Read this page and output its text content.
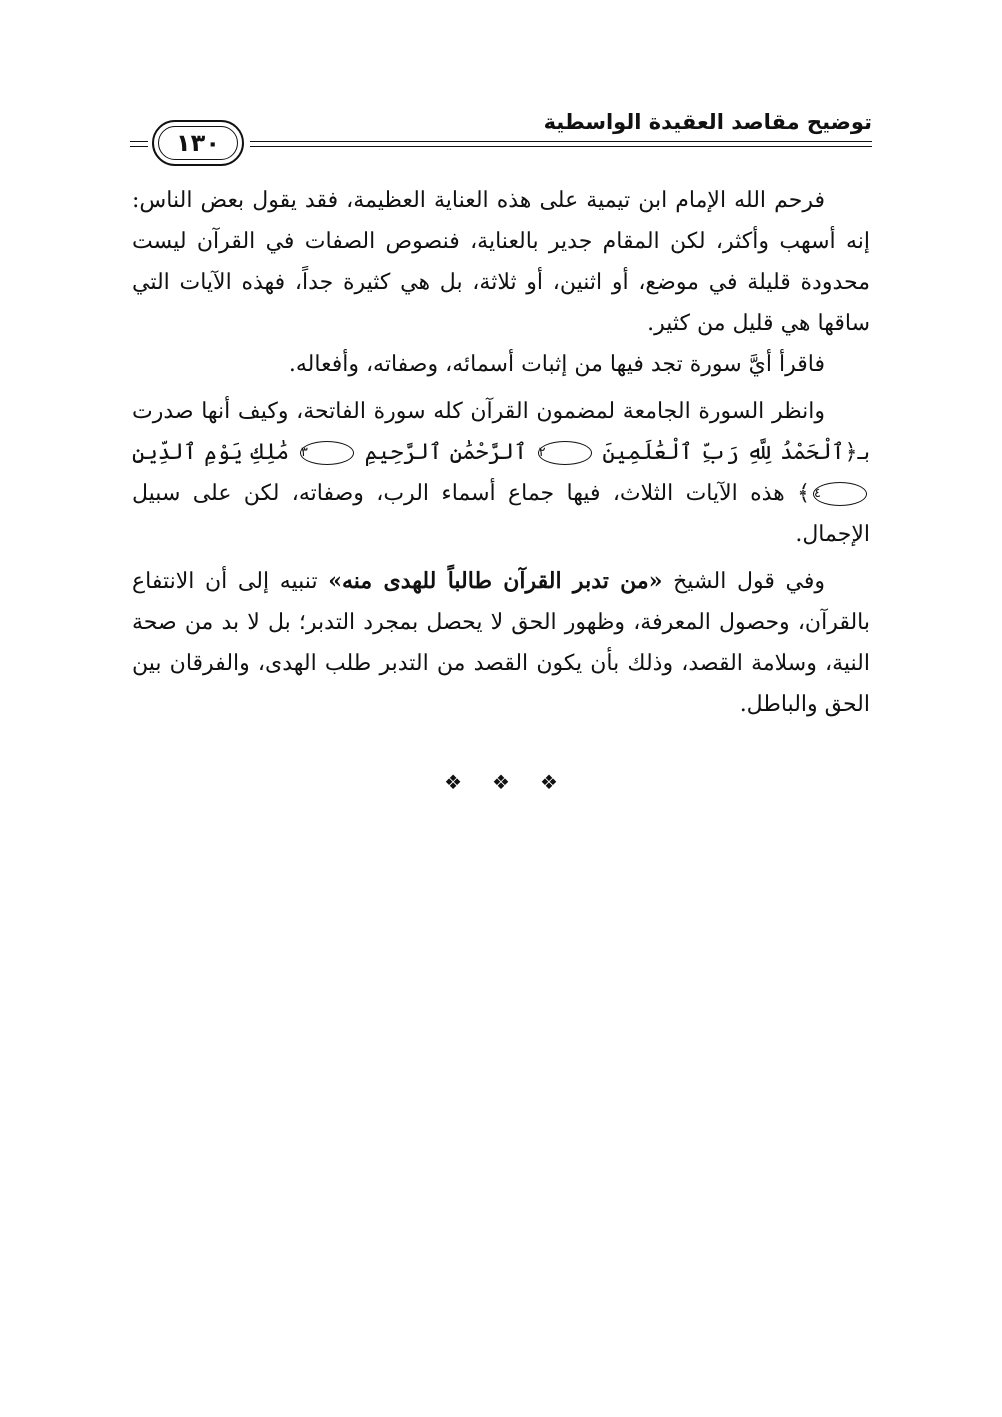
توضيح مقاصد العقيدة الواسطية
١٣٠

فرحم الله الإمام ابن تيمية على هذه العناية العظيمة، فقد يقول بعض الناس: إنه أسهب وأكثر، لكن المقام جدير بالعناية، فنصوص الصفات في القرآن ليست محدودة قليلة في موضع، أو اثنين، أو ثلاثة، بل هي كثيرة جداً، فهذه الآيات التي ساقها هي قليل من كثير.

فاقرأ أيَّ سورة تجد فيها من إثبات أسمائه، وصفاته، وأفعاله.

وانظر السورة الجامعة لمضمون القرآن كله سورة الفاتحة، وكيف أنها صدرت بـ﴿ٱلْحَمْدُ لِلَّهِ رَبِّ ٱلْعَٰلَمِينَ ٢ ٱلرَّحْمَٰنِ ٱلرَّحِيمِ ٣ مَٰلِكِ يَوْمِ ٱلدِّينِ ٤﴾ هذه الآيات الثلاث، فيها جماع أسماء الرب، وصفاته، لكن على سبيل الإجمال.

وفي قول الشيخ «من تدبر القرآن طالباً للهدى منه» تنبيه إلى أن الانتفاع بالقرآن، وحصول المعرفة، وظهور الحق لا يحصل بمجرد التدبر؛ بل لا بد من صحة النية، وسلامة القصد، وذلك بأن يكون القصد من التدبر طلب الهدى، والفرقان بين الحق والباطل.

❖ ❖ ❖
